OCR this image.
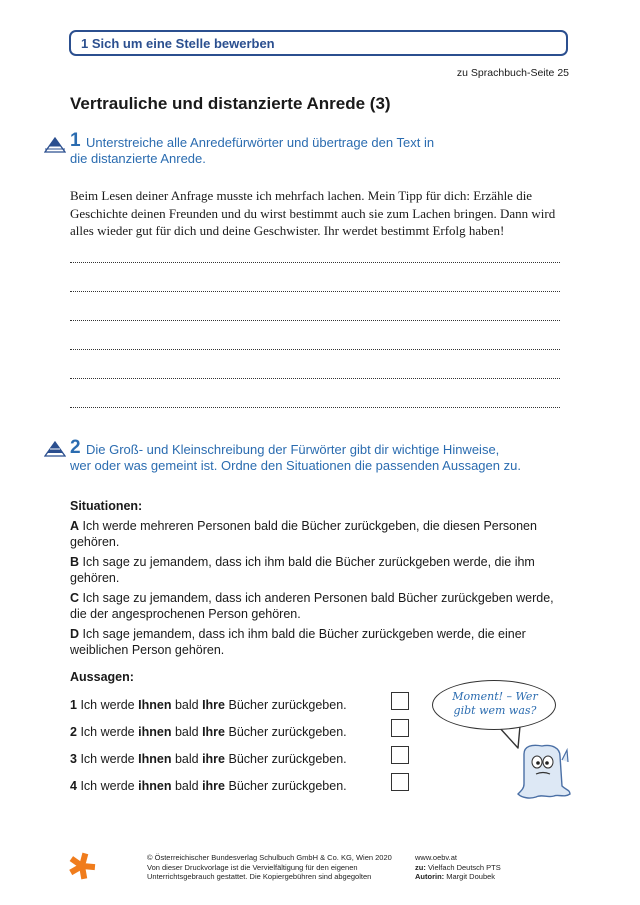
1 Sich um eine Stelle bewerben
zu Sprachbuch-Seite 25
Vertrauliche und distanzierte Anrede (3)
1 Unterstreiche alle Anredefürwörter und übertrage den Text in
die distanzierte Anrede.
Beim Lesen deiner Anfrage musste ich mehrfach lachen. Mein Tipp für dich: Erzähle die Geschichte deinen Freunden und du wirst bestimmt auch sie zum Lachen bringen. Dann wird alles wieder gut für dich und deine Geschwister. Ihr werdet bestimmt Erfolg haben!
2 Die Groß- und Kleinschreibung der Fürwörter gibt dir wichtige Hinweise,
wer oder was gemeint ist. Ordne den Situationen die passenden Aussagen zu.
Situationen:
A Ich werde mehreren Personen bald die Bücher zurückgeben, die diesen Personen
gehören.
B Ich sage zu jemandem, dass ich ihm bald die Bücher zurückgeben werde, die ihm
gehören.
C Ich sage zu jemandem, dass ich anderen Personen bald Bücher zurückgeben werde,
die der angesprochenen Person gehören.
D Ich sage jemandem, dass ich ihm bald die Bücher zurückgeben werde, die einer
weiblichen Person gehören.
Aussagen:
1 Ich werde Ihnen bald Ihre Bücher zurückgeben.
2 Ich werde ihnen bald Ihre Bücher zurückgeben.
3 Ich werde Ihnen bald ihre Bücher zurückgeben.
4 Ich werde ihnen bald ihre Bücher zurückgeben.
Moment! – Wer
gibt wem was?
© Österreichischer Bundesverlag Schulbuch GmbH & Co. KG, Wien 2020
Von dieser Druckvorlage ist die Vervielfältigung für den eigenen
Unterrichtsgebrauch gestattet. Die Kopiergebühren sind abgegolten
www.oebv.at
zu: Vielfach Deutsch PTS
Autorin: Margit Doubek
